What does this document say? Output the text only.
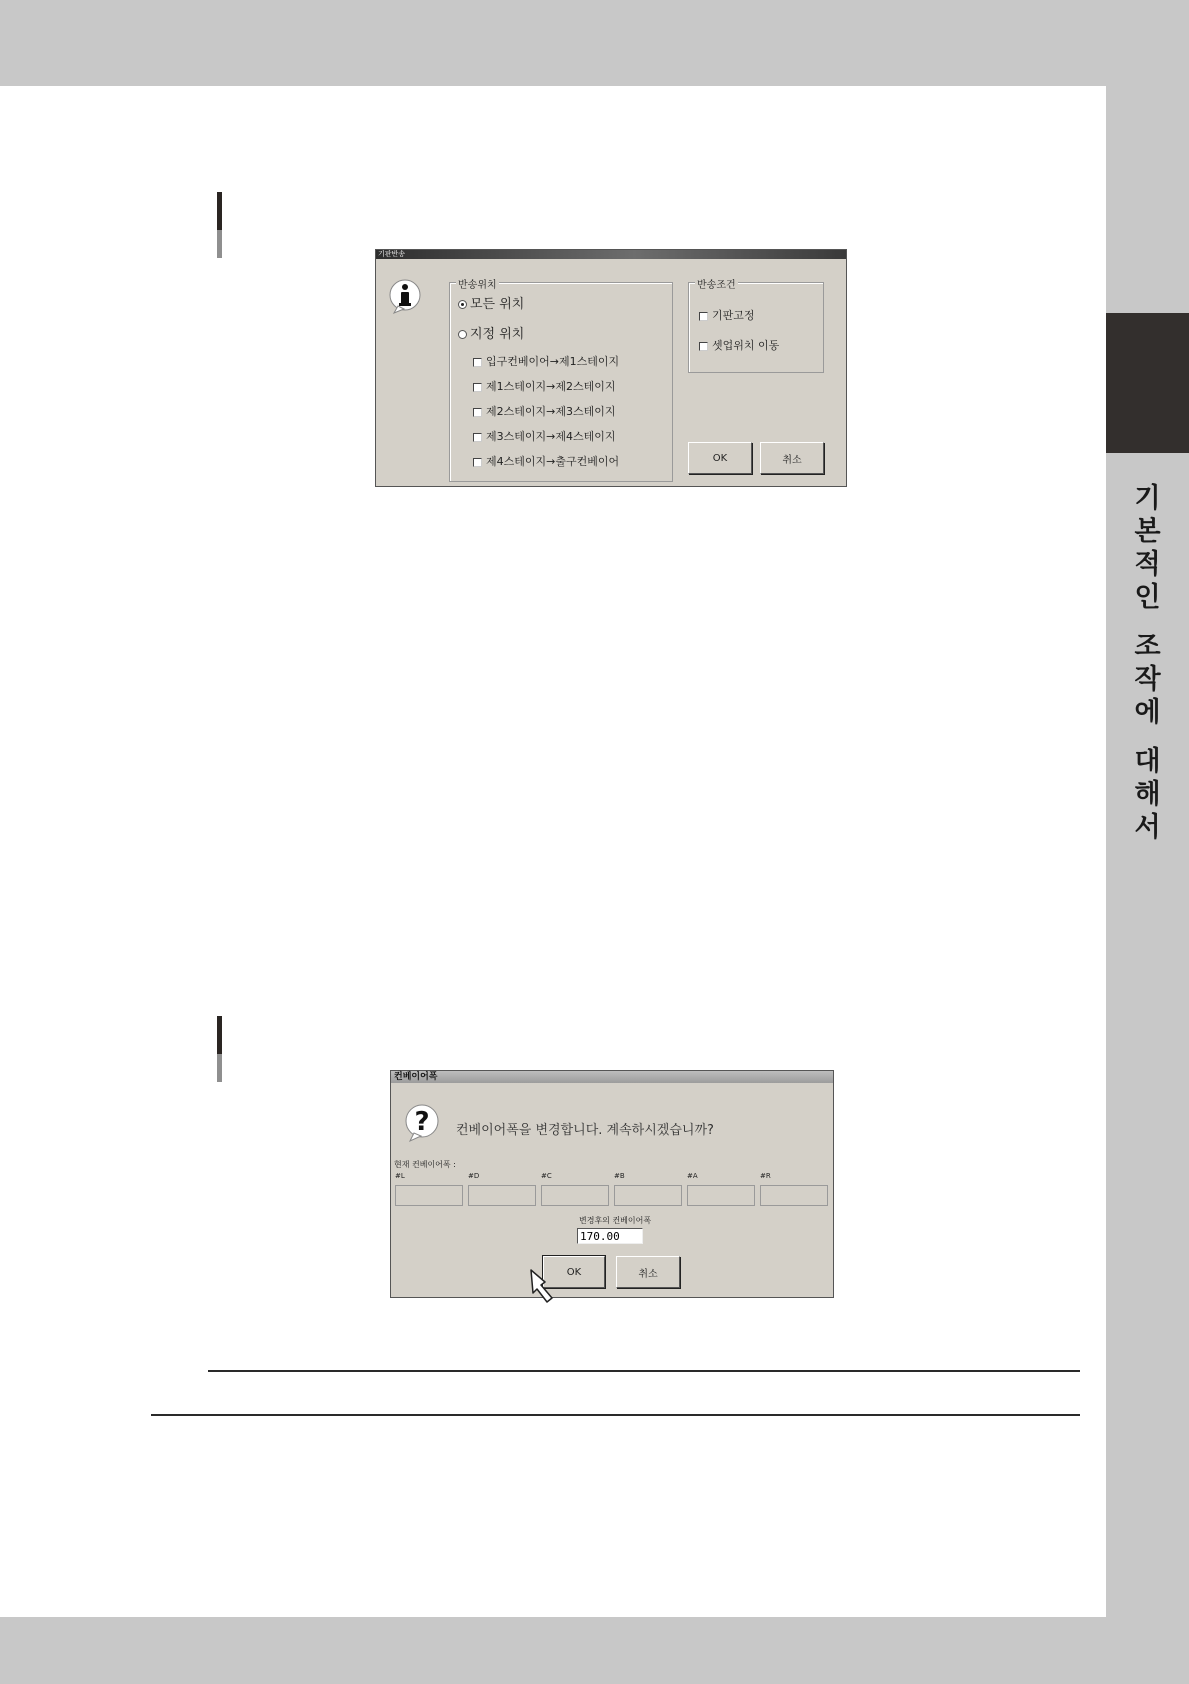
기
본
적
인
조
작
에
대
해
서
기판반송
반송위치
모든 위치
지정 위치
입구컨베이어→제1스테이지
제1스테이지→제2스테이지
제2스테이지→제3스테이지
제3스테이지→제4스테이지
제4스테이지→출구컨베이어
반송조건
기판고정
셋업위치 이동
OK	취소
컨베이어폭
? 컨베이어폭을 변경합니다. 계속하시겠습니까?
현재 컨베이어폭 :
#L	#D	#C	#B	#A	#R
변경후의 컨베이어폭
170.00
OK	취소
